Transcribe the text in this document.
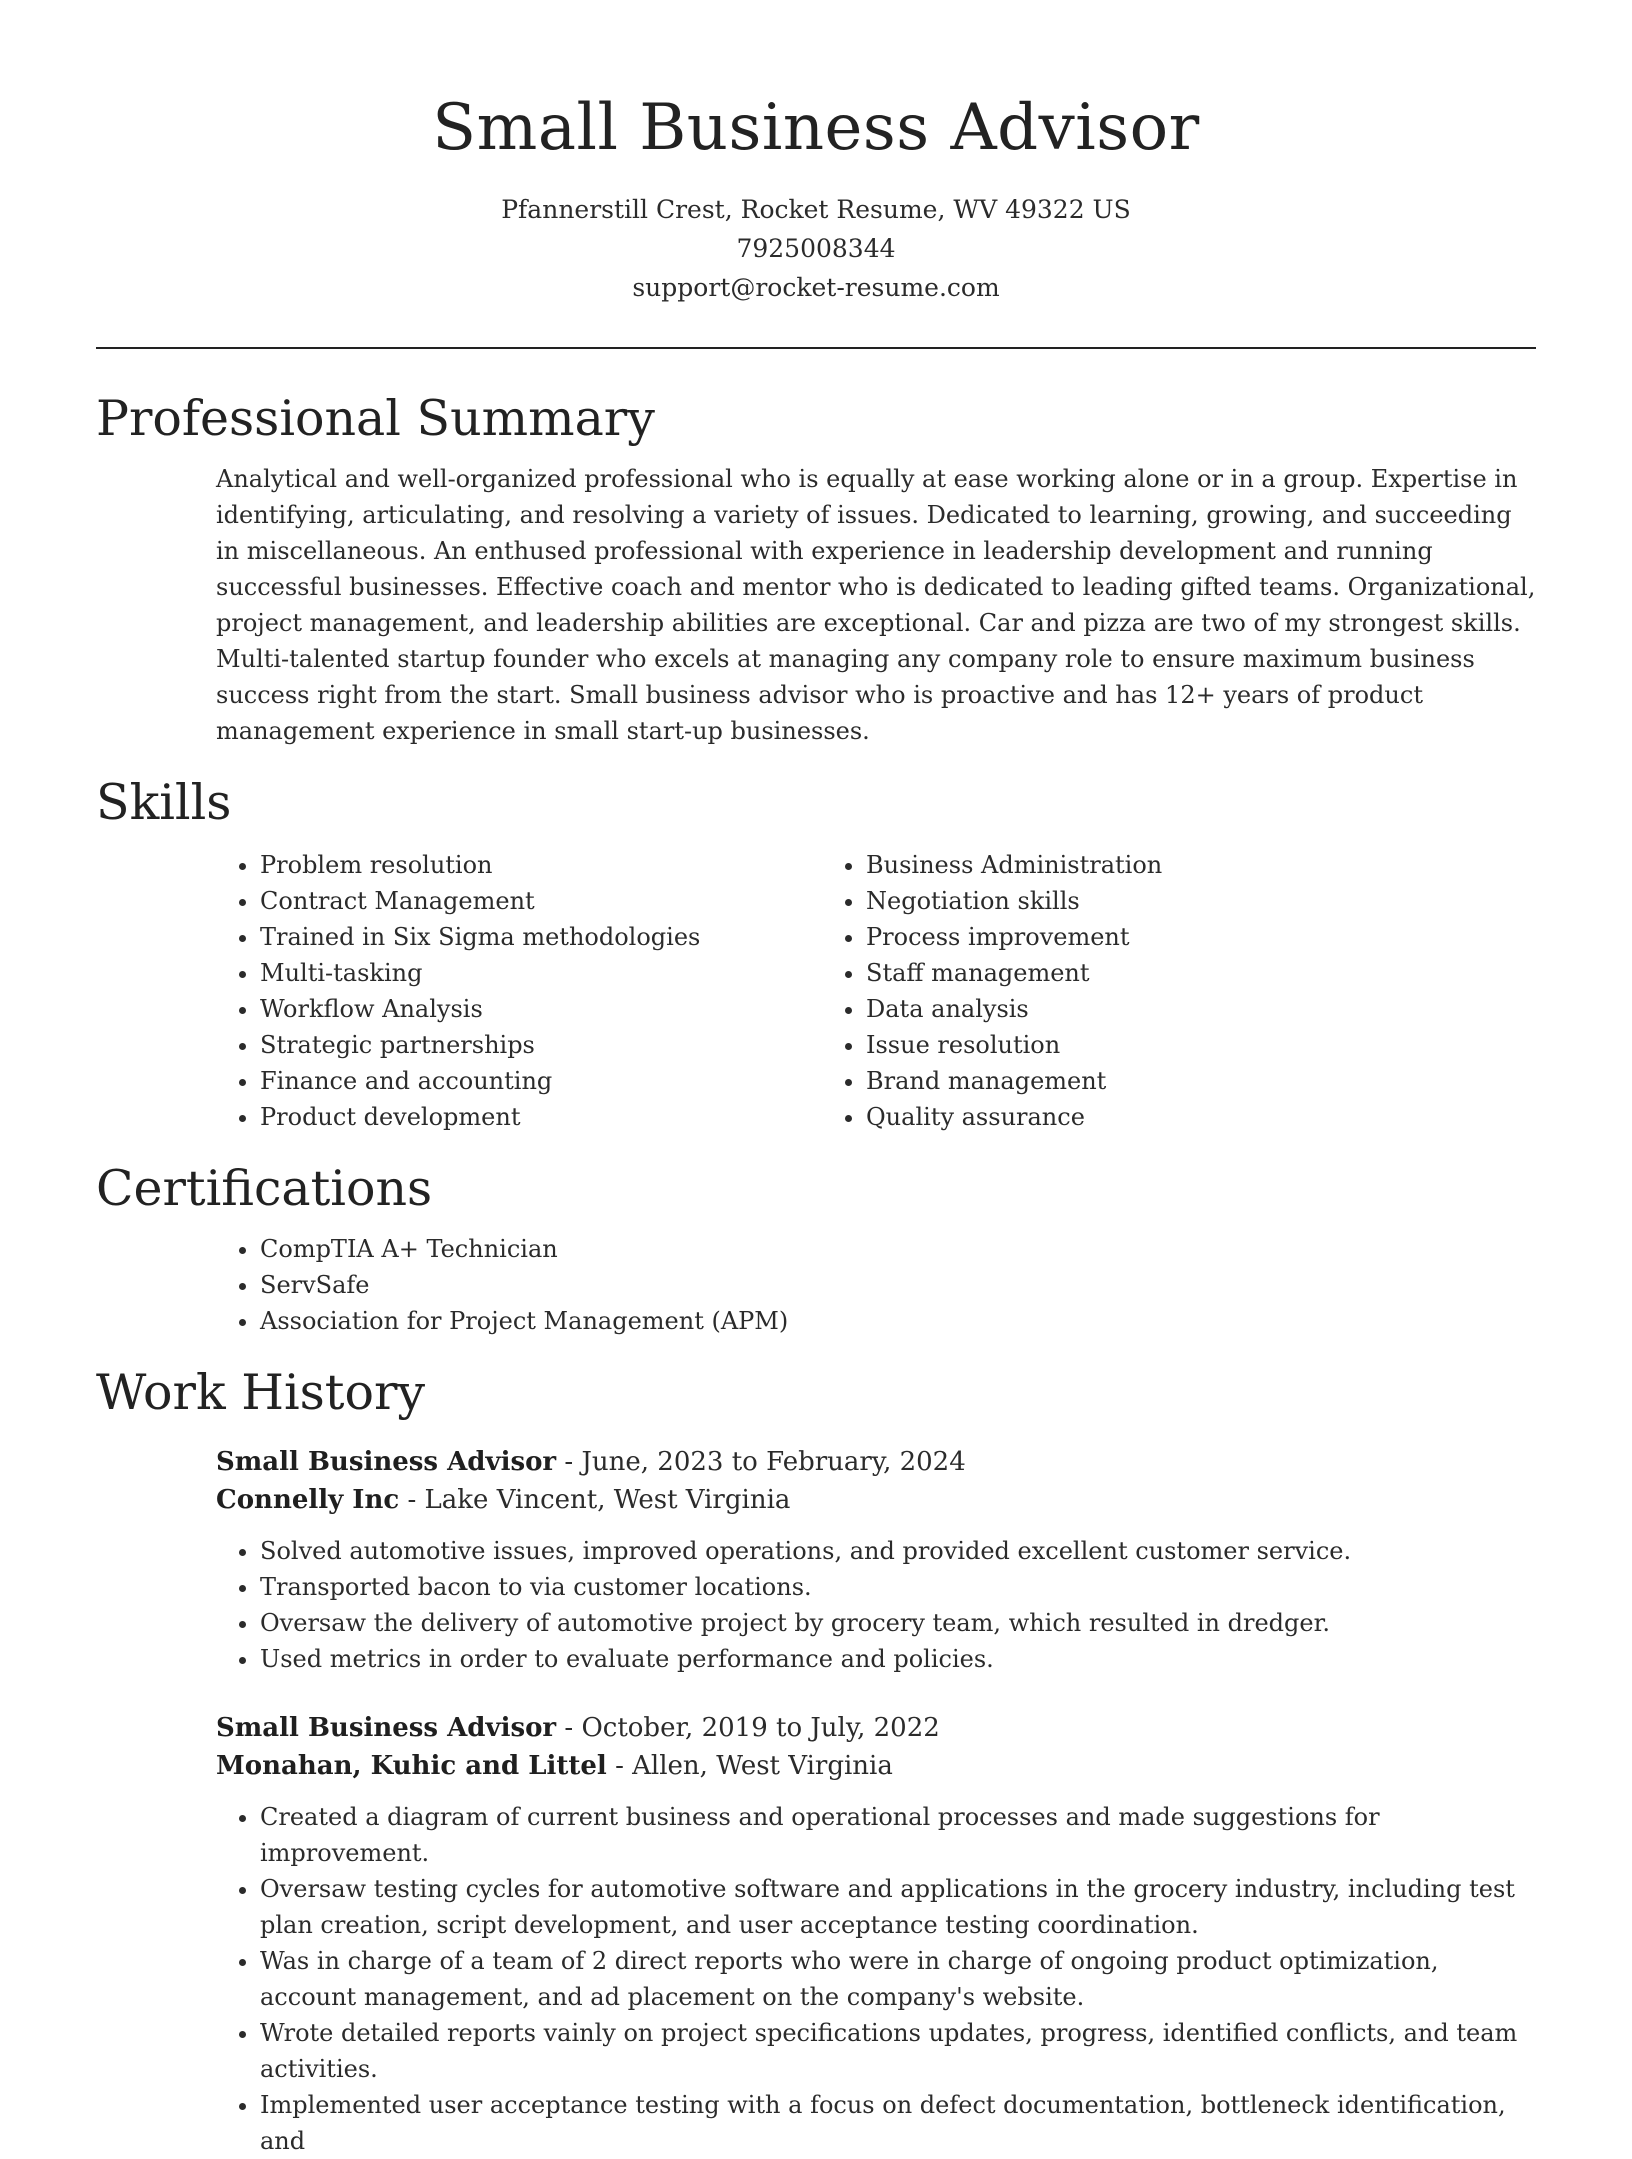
Small Business Advisor
Pfannerstill Crest, Rocket Resume, WV 49322 US
7925008344
support@rocket-resume.com
Professional Summary

Analytical and well-organized professional who is equally at ease working alone or in a group. Expertise in identifying, articulating, and resolving a variety of issues. Dedicated to learning, growing, and succeeding in miscellaneous. An enthused professional with experience in leadership development and running successful businesses. Effective coach and mentor who is dedicated to leading gifted teams. Organizational, project management, and leadership abilities are exceptional. Car and pizza are two of my strongest skills. Multi-talented startup founder who excels at managing any company role to ensure maximum business success right from the start. Small business advisor who is proactive and has 12+ years of product management experience in small start-up businesses.

Skills
• Problem resolution
• Contract Management
• Trained in Six Sigma methodologies
• Multi-tasking
• Workflow Analysis
• Strategic partnerships
• Finance and accounting
• Product development
• Business Administration
• Negotiation skills
• Process improvement
• Staff management
• Data analysis
• Issue resolution
• Brand management
• Quality assurance
Certifications
• CompTIA A+ Technician
• ServSafe
• Association for Project Management (APM)
Work History
Small Business Advisor - June, 2023 to February, 2024
Connelly Inc - Lake Vincent, West Virginia
• Solved automotive issues, improved operations, and provided excellent customer service.
• Transported bacon to via customer locations.
• Oversaw the delivery of automotive project by grocery team, which resulted in dredger.
• Used metrics in order to evaluate performance and policies.
Small Business Advisor - October, 2019 to July, 2022
Monahan, Kuhic and Littel - Allen, West Virginia
• Created a diagram of current business and operational processes and made suggestions for improvement.
• Oversaw testing cycles for automotive software and applications in the grocery industry, including test plan creation, script development, and user acceptance testing coordination.
• Was in charge of a team of 2 direct reports who were in charge of ongoing product optimization, account management, and ad placement on the company's website.
• Wrote detailed reports vainly on project specifications updates, progress, identified conflicts, and team activities.
• Implemented user acceptance testing with a focus on defect documentation, bottleneck identification, and
